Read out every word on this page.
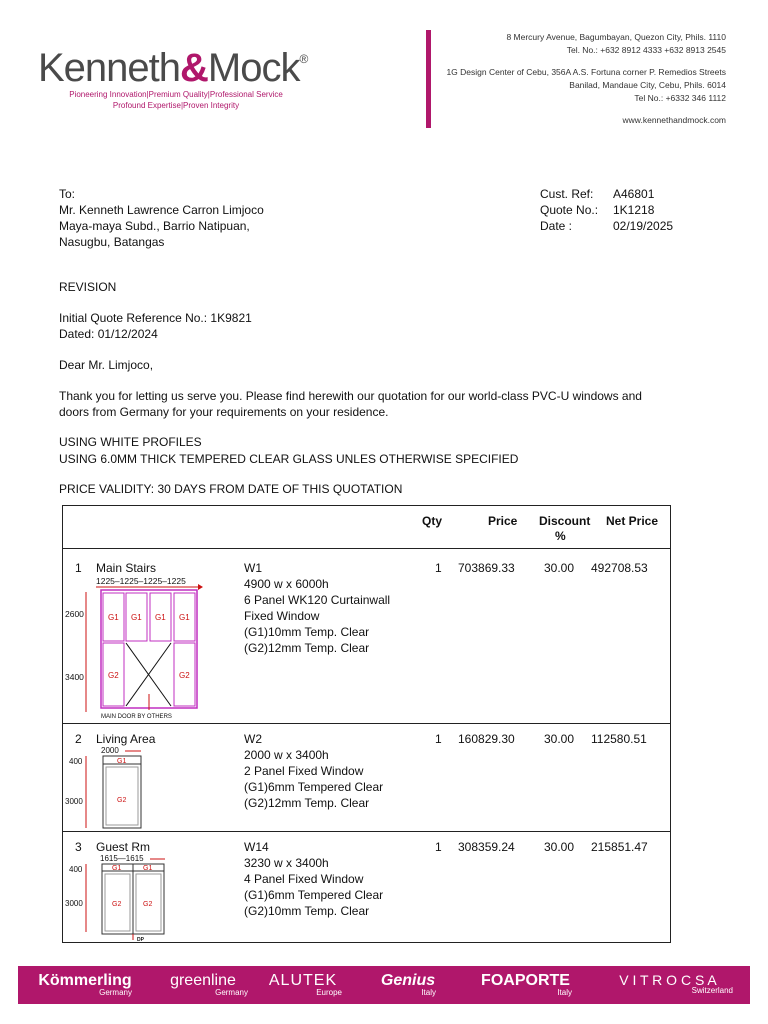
Kenneth&Mock®
Pioneering Innovation|Premium Quality|Professional Service
Profound Expertise|Proven Integrity
8 Mercury Avenue, Bagumbayan, Quezon City, Phils. 1110
Tel. No.: +632 8912 4333 +632 8913 2545
1G Design Center of Cebu, 356A A.S. Fortuna corner P. Remedios Streets
Banilad, Mandaue City, Cebu, Phils. 6014
Tel No.: +6332 346 1112
www.kennethandmock.com
To:
Mr. Kenneth Lawrence Carron Limjoco
Maya-maya Subd., Barrio Natipuan,
Nasugbu, Batangas
Cust. Ref: A46801
Quote No.: 1K1218
Date :	02/19/2025
REVISION
Initial Quote Reference No.: 1K9821
Dated: 01/12/2024
Dear Mr. Limjoco,
Thank you for letting us serve you. Please find herewith our quotation for our world-class PVC-U windows and
doors from Germany for your requirements on your residence.
USING WHITE PROFILES
USING 6.0MM THICK TEMPERED CLEAR GLASS UNLES OTHERWISE SPECIFIED
PRICE VALIDITY: 30 DAYS FROM DATE OF THIS QUOTATION
Qty	Price Discount
%
Net Price
1 Main Stairs	W1
4900 w x 6000h
6 Panel WK120 Curtainwall
Fixed Window
(G1)10mm Temp. Clear
(G2)12mm Temp. Clear
1 703869.33 30.00 492708.53
1225–1225–1225–1225
2600
3400
G1 G1 G1 G1
G2	G2
MAIN DOOR BY OTHERS
2 Living Area	W2
2000 w x 3400h
2 Panel Fixed Window
(G1)6mm Tempered Clear
(G2)12mm Temp. Clear
1 160829.30 30.00 112580.51
2000
400
3000
G1
G2
3 Guest Rm	W14
3230 w x 3400h
4 Panel Fixed Window
(G1)6mm Tempered Clear
(G2)10mm Temp. Clear
1 308359.24 30.00 215851.47
1615—1615
400
3000
G1	G1
G2	G2
DP
Kömmerling
Germany
greenline
Germany
ALUTEK
Europe
Genius
Italy
FOAPORTE
Italy
V I T R O C S A
Switzerland
